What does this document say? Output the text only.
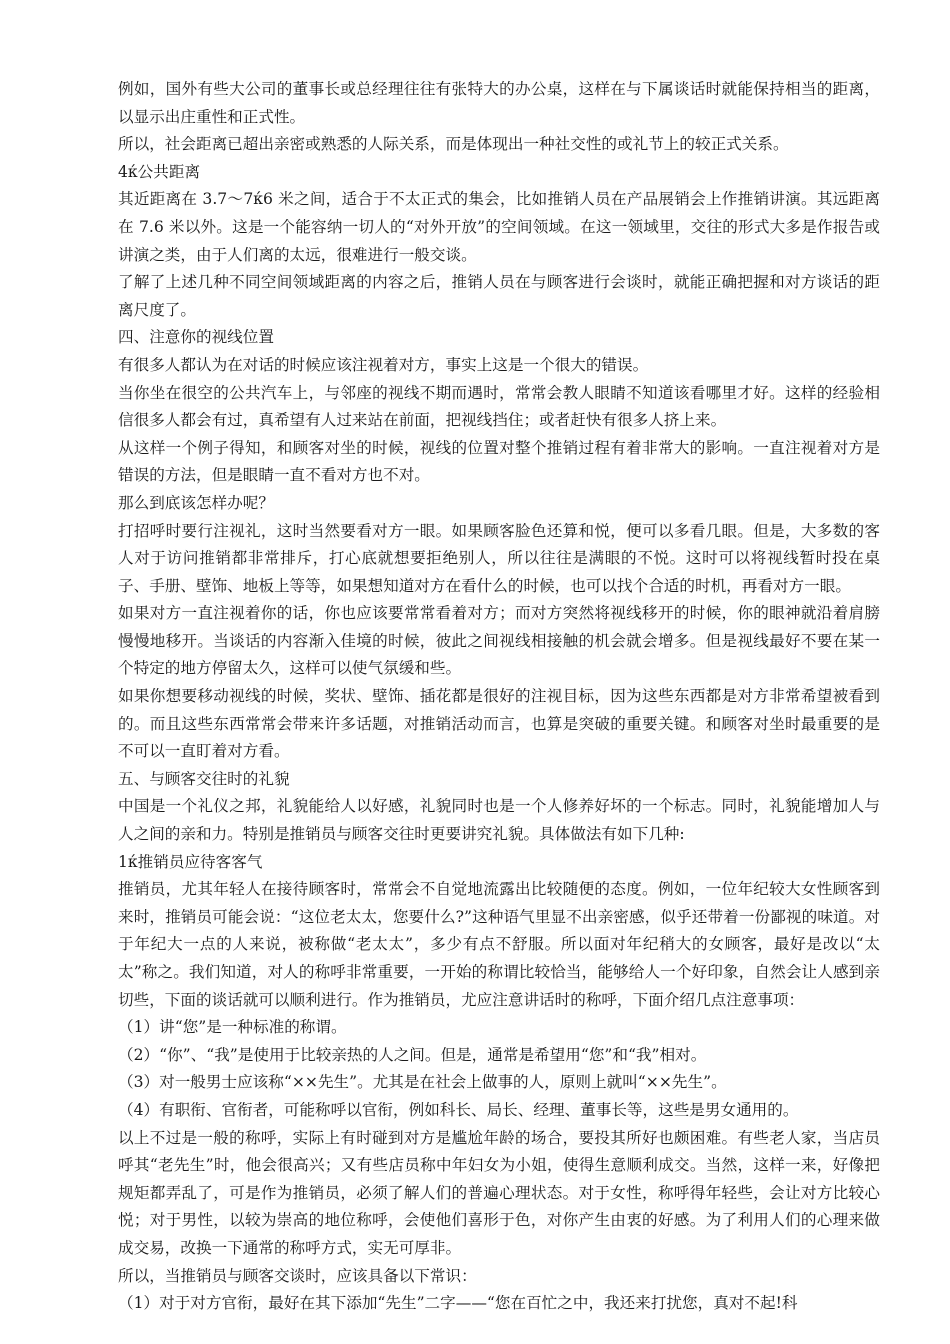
例如，国外有些大公司的董事长或总经理往往有张特大的办公桌，这样在与下属谈话时就能保持相当的距离，以显示出庄重性和正式性。

所以，社会距离已超出亲密或熟悉的人际关系，而是体现出一种社交性的或礼节上的较正式关系。

4ќ公共距离

其近距离在 3.7～7ќ6 米之间，适合于不太正式的集会，比如推销人员在产品展销会上作推销讲演。其远距离在 7.6 米以外。这是一个能容纳一切人的“对外开放”的空间领域。在这一领域里，交往的形式大多是作报告或讲演之类，由于人们离的太远，很难进行一般交谈。

了解了上述几种不同空间领域距离的内容之后，推销人员在与顾客进行会谈时，就能正确把握和对方谈话的距离尺度了。

四、注意你的视线位置

有很多人都认为在对话的时候应该注视着对方，事实上这是一个很大的错误。

当你坐在很空的公共汽车上，与邻座的视线不期而遇时，常常会教人眼睛不知道该看哪里才好。这样的经验相信很多人都会有过，真希望有人过来站在前面，把视线挡住；或者赶快有很多人挤上来。

从这样一个例子得知，和顾客对坐的时候，视线的位置对整个推销过程有着非常大的影响。一直注视着对方是错误的方法，但是眼睛一直不看对方也不对。

那么到底该怎样办呢？

打招呼时要行注视礼，这时当然要看对方一眼。如果顾客脸色还算和悦，便可以多看几眼。但是，大多数的客人对于访问推销都非常排斥，打心底就想要拒绝别人，所以往往是满眼的不悦。这时可以将视线暂时投在桌子、手册、壁饰、地板上等等，如果想知道对方在看什么的时候，也可以找个合适的时机，再看对方一眼。

如果对方一直注视着你的话，你也应该要常常看着对方；而对方突然将视线移开的时候，你的眼神就沿着肩膀慢慢地移开。当谈话的内容渐入佳境的时候，彼此之间视线相接触的机会就会增多。但是视线最好不要在某一个特定的地方停留太久，这样可以使气氛缓和些。

如果你想要移动视线的时候，奖状、壁饰、插花都是很好的注视目标，因为这些东西都是对方非常希望被看到的。而且这些东西常常会带来许多话题，对推销活动而言，也算是突破的重要关键。和顾客对坐时最重要的是不可以一直盯着对方看。

五、与顾客交往时的礼貌

中国是一个礼仪之邦，礼貌能给人以好感，礼貌同时也是一个人修养好坏的一个标志。同时，礼貌能增加人与人之间的亲和力。特别是推销员与顾客交往时更要讲究礼貌。具体做法有如下几种:

1ќ推销员应待客客气

推销员，尤其年轻人在接待顾客时，常常会不自觉地流露出比较随便的态度。例如，一位年纪较大女性顾客到来时，推销员可能会说：“这位老太太，您要什么?”这种语气里显不出亲密感，似乎还带着一份鄙视的味道。对于年纪大一点的人来说，被称做“老太太”，多少有点不舒服。所以面对年纪稍大的女顾客，最好是改以“太太”称之。我们知道，对人的称呼非常重要，一开始的称谓比较恰当，能够给人一个好印象，自然会让人感到亲切些，下面的谈话就可以顺利进行。作为推销员，尤应注意讲话时的称呼，下面介绍几点注意事项：

（1）讲“您”是一种标准的称谓。

（2）“你”、“我”是使用于比较亲热的人之间。但是，通常是希望用“您”和“我”相对。

（3）对一般男士应该称“××先生”。尤其是在社会上做事的人，原则上就叫“××先生”。

（4）有职衔、官衔者，可能称呼以官衔，例如科长、局长、经理、董事长等，这些是男女通用的。

以上不过是一般的称呼，实际上有时碰到对方是尴尬年龄的场合，要投其所好也颇困难。有些老人家，当店员呼其“老先生”时，他会很高兴；又有些店员称中年妇女为小姐，使得生意顺利成交。当然，这样一来，好像把规矩都弄乱了，可是作为推销员，必须了解人们的普遍心理状态。对于女性，称呼得年轻些，会让对方比较心悦；对于男性，以较为崇高的地位称呼，会使他们喜形于色，对你产生由衷的好感。为了利用人们的心理来做成交易，改换一下通常的称呼方式，实无可厚非。

所以，当推销员与顾客交谈时，应该具备以下常识：

（1）对于对方官衔，最好在其下添加“先生”二字——“您在百忙之中，我还来打扰您，真对不起!科
